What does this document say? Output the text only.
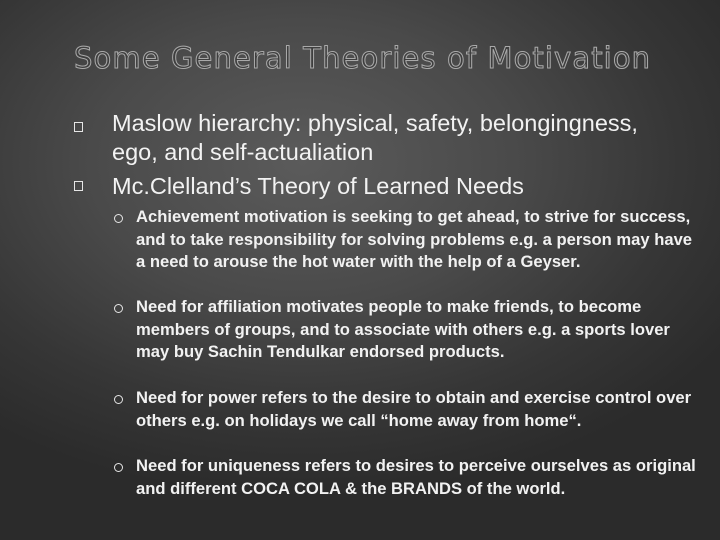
Some General Theories of Motivation
Maslow hierarchy: physical, safety, belongingness, ego, and self-actualiation
Mc.Clelland’s Theory of Learned Needs
Achievement motivation is seeking to get ahead, to strive for success, and to take responsibility for solving problems e.g. a person may have a need to arouse the hot water with the help of a Geyser.
Need for affiliation motivates people to make friends, to become members of groups, and to associate with others e.g. a sports lover may buy Sachin Tendulkar endorsed products.
Need for power refers to the desire to obtain and exercise control over others e.g. on holidays we call “home away from home“.
Need for uniqueness refers to desires to perceive ourselves as original and different COCA COLA & the BRANDS of the world.
